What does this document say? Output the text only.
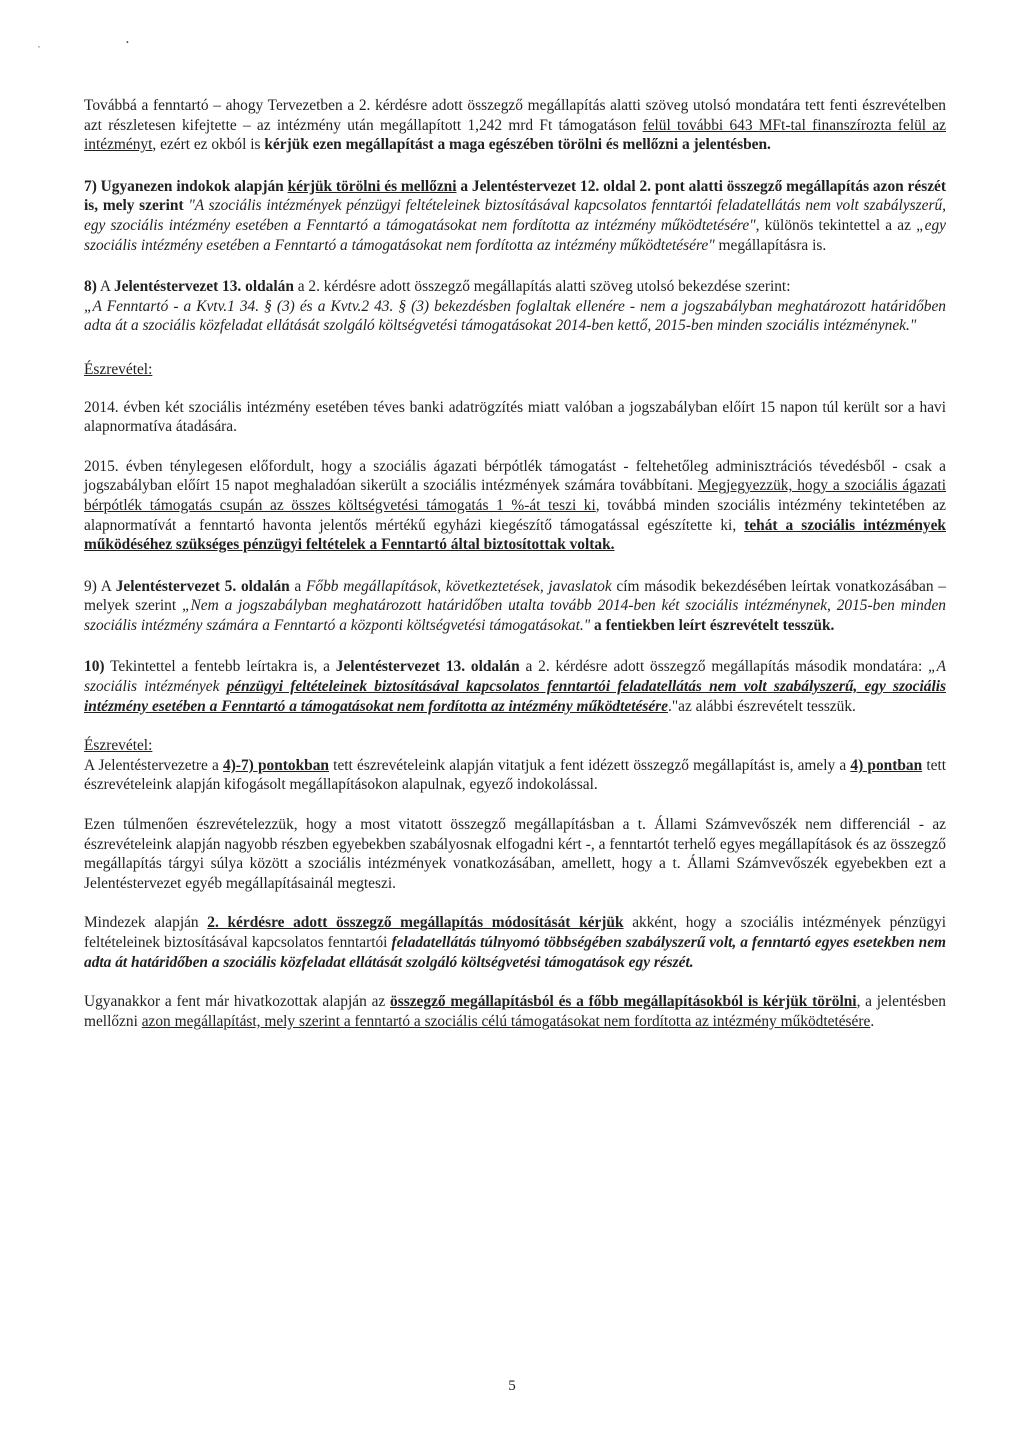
,	•

Továbbá a fenntartó – ahogy Tervezetben a 2. kérdésre adott összegző megállapítás alatti szöveg utolsó mondatára tett fenti észrevételben azt részletesen kifejtette – az intézmény után megállapított 1,242 mrd Ft támogatáson felül további 643 MFt-tal finanszírozta felül az intézményt, ezért ez okból is kérjük ezen megállapítást a maga egészében törölni és mellőzni a jelentésben.

7) Ugyanezen indokok alapján kérjük törölni és mellőzni a Jelentéstervezet 12. oldal 2. pont alatti összegző megállapítás azon részét is, mely szerint "A szociális intézmények pénzügyi feltételeinek biztosításával kapcsolatos fenntartói feladatellátás nem volt szabályszerű, egy szociális intézmény esetében a Fenntartó a támogatásokat nem fordította az intézmény működtetésére", különös tekintettel a az „egy szociális intézmény esetében a Fenntartó a támogatásokat nem fordította az intézmény működtetésére" megállapításra is.

8) A Jelentéstervezet 13. oldalán a 2. kérdésre adott összegző megállapítás alatti szöveg utolsó bekezdése szerint:
„A Fenntartó - a Kvtv.1 34. § (3) és a Kvtv.2 43. § (3) bekezdésben foglaltak ellenére - nem a jogszabályban meghatározott határidőben adta át a szociális közfeladat ellátását szolgáló költségvetési támogatásokat 2014-ben kettő, 2015-ben minden szociális intézménynek."

Észrevétel:

2014. évben két szociális intézmény esetében téves banki adatrögzítés miatt valóban a jogszabályban előírt 15 napon túl került sor a havi alapnormatíva átadására.

2015. évben ténylegesen előfordult, hogy a szociális ágazati bérpótlék támogatást - feltehetőleg adminisztrációs tévedésből - csak a jogszabályban előírt 15 napot meghaladóan sikerült a szociális intézmények számára továbbítani. Megjegyezzük, hogy a szociális ágazati bérpótlék támogatás csupán az összes költségvetési támogatás 1 %-át teszi ki, továbbá minden szociális intézmény tekintetében az alapnormatívát a fenntartó havonta jelentős mértékű egyházi kiegészítő támogatással egészítette ki, tehát a szociális intézmények működéséhez szükséges pénzügyi feltételek a Fenntartó által biztosítottak voltak.

9) A Jelentéstervezet 5. oldalán a Főbb megállapítások, következtetések, javaslatok cím második bekezdésében leírtak vonatkozásában – melyek szerint „Nem a jogszabályban meghatározott határidőben utalta tovább 2014-ben két szociális intézménynek, 2015-ben minden szociális intézmény számára a Fenntartó a központi költségvetési támogatásokat." a fentiekben leírt észrevételt tesszük.

10) Tekintettel a fentebb leírtakra is, a Jelentéstervezet 13. oldalán a 2. kérdésre adott összegző megállapítás második mondatára: „A szociális intézmények pénzügyi feltételeinek biztosításával kapcsolatos fenntartói feladatellátás nem volt szabályszerű, egy szociális intézmény esetében a Fenntartó a támogatásokat nem fordította az intézmény működtetésére."az alábbi észrevételt tesszük.

Észrevétel:

A Jelentéstervezetre a 4)-7) pontokban tett észrevételeink alapján vitatjuk a fent idézett összegző megállapítást is, amely a 4) pontban tett észrevételeink alapján kifogásolt megállapításokon alapulnak, egyező indokolással.

Ezen túlmenően észrevételezzük, hogy a most vitatott összegző megállapításban a t. Állami Számvevőszék nem differenciál - az észrevételeink alapján nagyobb részben egyebekben szabályosnak elfogadni kért -, a fenntartót terhelő egyes megállapítások és az összegző megállapítás tárgyi súlya között a szociális intézmények vonatkozásában, amellett, hogy a t. Állami Számvevőszék egyebekben ezt a Jelentéstervezet egyéb megállapításainál megteszi.

Mindezek alapján 2. kérdésre adott összegző megállapítás módosítását kérjük akként, hogy a szociális intézmények pénzügyi feltételeinek biztosításával kapcsolatos fenntartói feladatellátás túlnyomó többségében szabályszerű volt, a fenntartó egyes esetekben nem adta át határidőben a szociális közfeladat ellátását szolgáló költségvetési támogatások egy részét.

Ugyanakkor a fent már hivatkozottak alapján az összegző megállapításból és a főbb megállapításokból is kérjük törölni, a jelentésben mellőzni azon megállapítást, mely szerint a fenntartó a szociális célú támogatásokat nem fordította az intézmény működtetésére.

5
